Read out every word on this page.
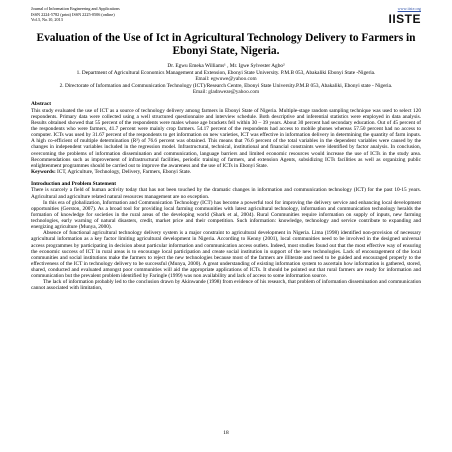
Journal of Information Engineering and Applications
ISSN 2224-5782 (print) ISSN 2225-0506 (online)
Vol.3, No.10, 2013
www.iiste.org
IISTE
Evaluation of the Use of Ict in Agricultural Technology Delivery to Farmers in Ebonyi State, Nigeria.
Dr. Egwu Emeka Williams¹ , Mr. Igwe Sylvester Agbo²
1. Department of Agricultural Economics Management and Extension, Ebonyi State University. P.M.B 053, Abakaliki Ebonyi State -Nigeria.
Email: egwuwe@yahoo.com
2. Directorate of Information and Communication Technology (ICT)/Research Centre, Ebonyi State University.P.M.B 053, Abakaliki, Ebonyi state - Nigeria.
Email: gladnweze@yahoo.com
Abstract

This study evaluated the use of ICT as a source of technology delivery among farmers in Ebonyi State of Nigeria. Multiple-stage random sampling technique was used to select 120 respondents. Primary data were collected using a well structured questionnaire and interview schedule. Both descriptive and inferential statistics were employed in data analysis. Results obtained showed that 55 percent of the respondents were males whose age brackets fell within 30 – 39 years. About 30 percent had secondary education. Out of 45 percent of the respondents who were farmers, 41.7 percent were mainly crop farmers. 54.17 percent of the respondents had access to mobile phones whereas 57.50 percent had no access to computer. ICTs was used by 31.67 percent of the respondents to get information on new varieties, ICT was effective in information delivery in determining the quantity of farm inputs. A high co-efficient of multiple determination (R²) of 76.6 percent was obtained. This means that 76.6 percent of the total variables in the dependent variables were caused by the changes in independent variables included in the regression model. Infrastructural, technical, institutional and financial constraints were identified by factor analysis. In conclusion, overcoming the problems of information dissemination and communication, language barriers and limited economic resources would increase the use of ICTs in the study area. Recommendations such as improvement of infrastructural facilities, periodic training of farmers, and extension Agents, subsidizing ICTs facilities as well as organizing public enlightenment programmes should be carried out to improve the awareness and the use of ICTs in Ebonyi State.

Keywords: ICT, Agriculture, Technology, Delivery, Farmers, Ebonyi State.

Introduction and Problem Statement

There is scarcely a field of human activity today that has not been touched by the dramatic changes in information and communication technology (ICT) for the past 10-15 years. Agricultural and agriculture related natural resources management are no exception.

In this era of globalization, Information and Communication Technology (ICT) has become a powerful tool for improving the delivery service and enhancing local development opportunities (Gerston, 2007). As a broad tool for providing local farming communities with latest agricultural technology, information and communication technology heralds the formation of knowledge for societies in the rural areas of the developing world (Shark et al, 2004). Rural Communities require information on supply of inputs, new farming technologies, early warning of natural disasters, credit, market price and their competition. Such information: knowledge, technology and service contribute to expanding and energizing agriculture (Munya, 2000).

Absence of functional agricultural technology delivery system is a major constraint to agricultural development in Nigeria. Lima (1998) identified non-provision of necessary agricultural information as a key factor limiting agricultural development in Nigeria. According to Kenny (2001), local communities need to be involved in the designed universal access programmes by participating in decision about particular information and communication access outlets. Indeed, most studies found out that the most effective way of ensuring the economic success of ICT in rural areas is to encourage local participation and create social institution in support of the new technologies. Lack of encouragement of the local communities and social institutions make the farmers to reject the new technologies because most of the farmers are illiterate and need to be guided and encouraged properly to the effectiveness of the ICT in technology delivery to be successful (Munya, 2000). A great understanding of existing information system to ascertain how information is gathered, stored, shared, conducted and evaluated amongst poor communities will aid the appropriate applications of ICTs. It should be pointed out that rural farmers are ready for information and communication but the prevalent problem identified by Faringle (1999) was non availability and lack of access to some information source.

The lack of information probably led to the conclusion drawn by Akinwande (1998) from evidence of his research, that problem of information dissemination and communication cannot associated with limitation,

18
